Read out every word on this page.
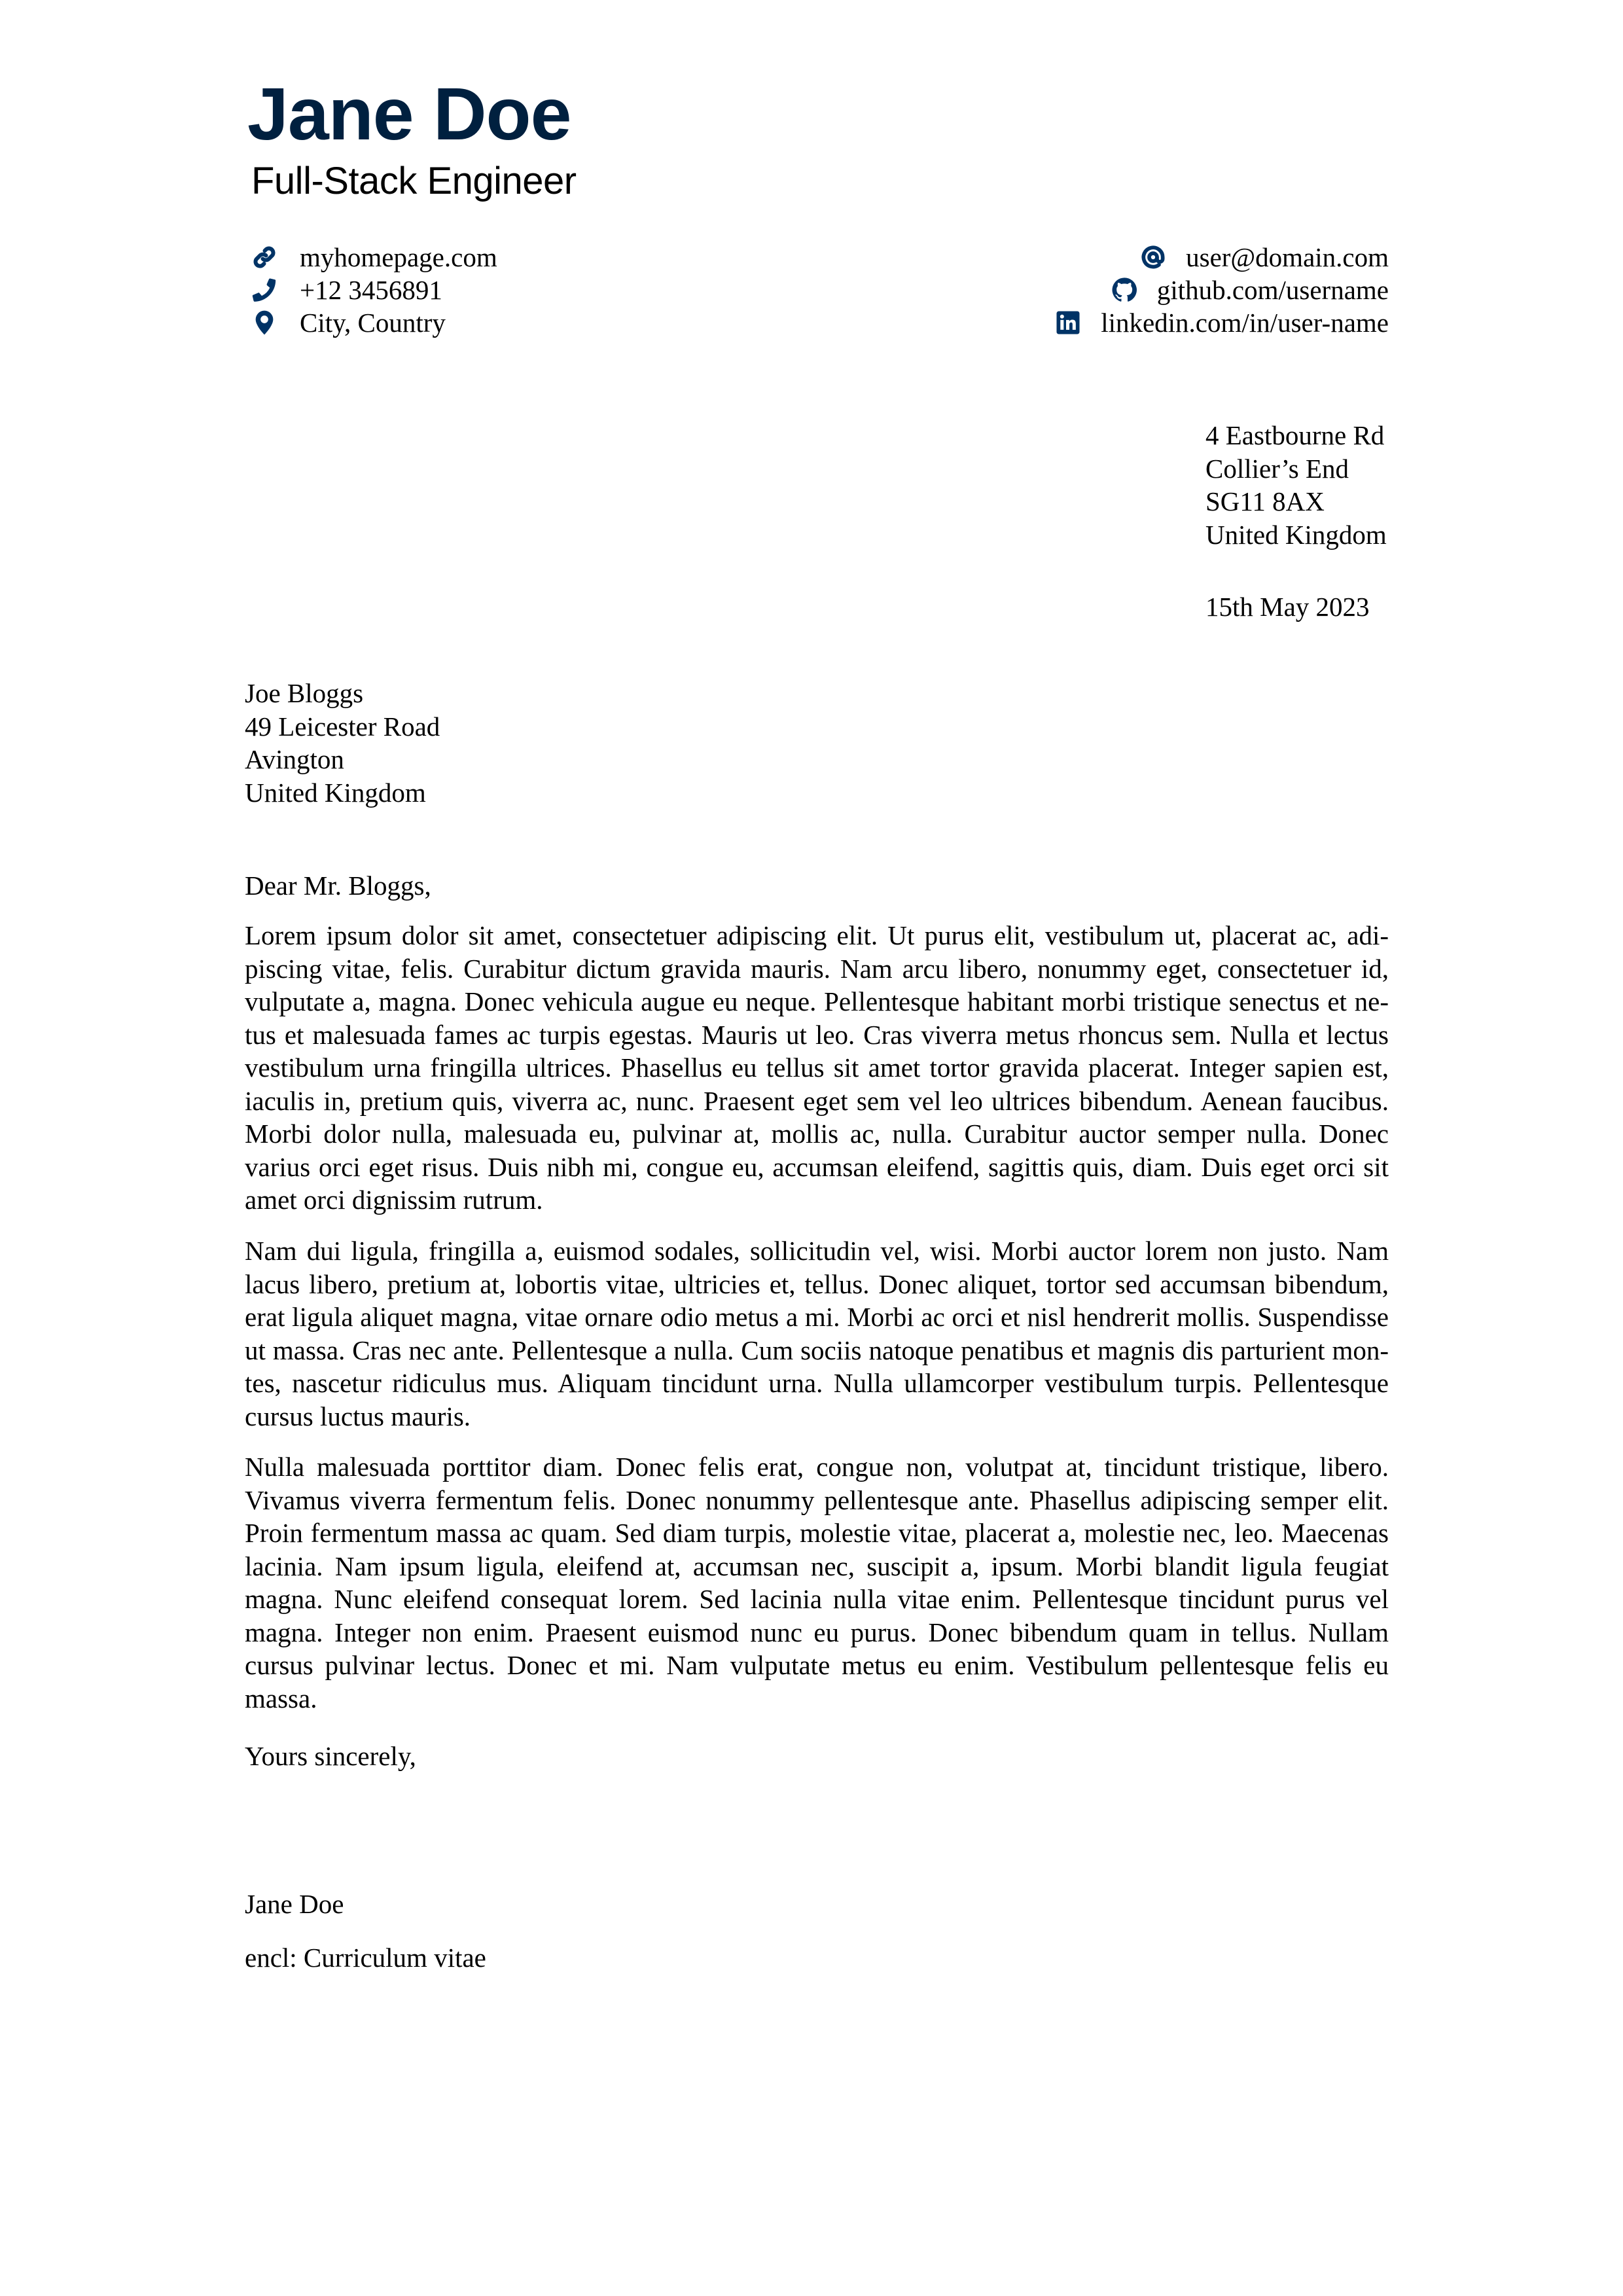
Jane Doe
Full-Stack Engineer
myhomepage.com
+12 3456891
City, Country
user@domain.com
github.com/username
linkedin.com/in/user-name
4 Eastbourne Rd
Collier’s End
SG11 8AX
United Kingdom
15th May 2023
Joe Bloggs
49 Leicester Road
Avington
United Kingdom
Dear Mr. Bloggs,

Lorem ipsum dolor sit amet, consectetuer adipiscing elit. Ut purus elit, vestibulum ut, placerat ac, adipiscing vitae, felis. Curabitur dictum gravida mauris. Nam arcu libero, nonummy eget, consectetuer id, vulputate a, magna. Donec vehicula augue eu neque. Pellentesque habitant morbi tristique senectus et netus et malesuada fames ac turpis egestas. Mauris ut leo. Cras viverra metus rhoncus sem. Nulla et lectus vestibulum urna fringilla ultrices. Phasellus eu tellus sit amet tortor gravida placerat. Integer sapien est, iaculis in, pretium quis, viverra ac, nunc. Praesent eget sem vel leo ultrices bibendum. Aenean faucibus. Morbi dolor nulla, malesuada eu, pulvinar at, mollis ac, nulla. Curabitur auctor semper nulla. Donec varius orci eget risus. Duis nibh mi, congue eu, accumsan eleifend, sagittis quis, diam. Duis eget orci sit amet orci dignissim rutrum.

Nam dui ligula, fringilla a, euismod sodales, sollicitudin vel, wisi. Morbi auctor lorem non justo. Nam lacus libero, pretium at, lobortis vitae, ultricies et, tellus. Donec aliquet, tortor sed accumsan bibendum, erat ligula aliquet magna, vitae ornare odio metus a mi. Morbi ac orci et nisl hendrerit mollis. Suspendisse ut massa. Cras nec ante. Pellentesque a nulla. Cum sociis natoque penatibus et magnis dis parturient montes, nascetur ridiculus mus. Aliquam tincidunt urna. Nulla ullamcorper vestibulum turpis. Pellentesque cursus luctus mauris.

Nulla malesuada porttitor diam. Donec felis erat, congue non, volutpat at, tincidunt tristique, libero. Vivamus viverra fermentum felis. Donec nonummy pellentesque ante. Phasellus adipiscing semper elit. Proin fermentum massa ac quam. Sed diam turpis, molestie vitae, placerat a, molestie nec, leo. Maecenas lacinia. Nam ipsum ligula, eleifend at, accumsan nec, suscipit a, ipsum. Morbi blandit ligula feugiat magna. Nunc eleifend consequat lorem. Sed lacinia nulla vitae enim. Pellentesque tincidunt purus vel magna. Integer non enim. Praesent euismod nunc eu purus. Donec bibendum quam in tellus. Nullam cursus pulvinar lectus. Donec et mi. Nam vulputate metus eu enim. Vestibulum pellentesque felis eu massa.

Yours sincerely,
Jane Doe
encl: Curriculum vitae
